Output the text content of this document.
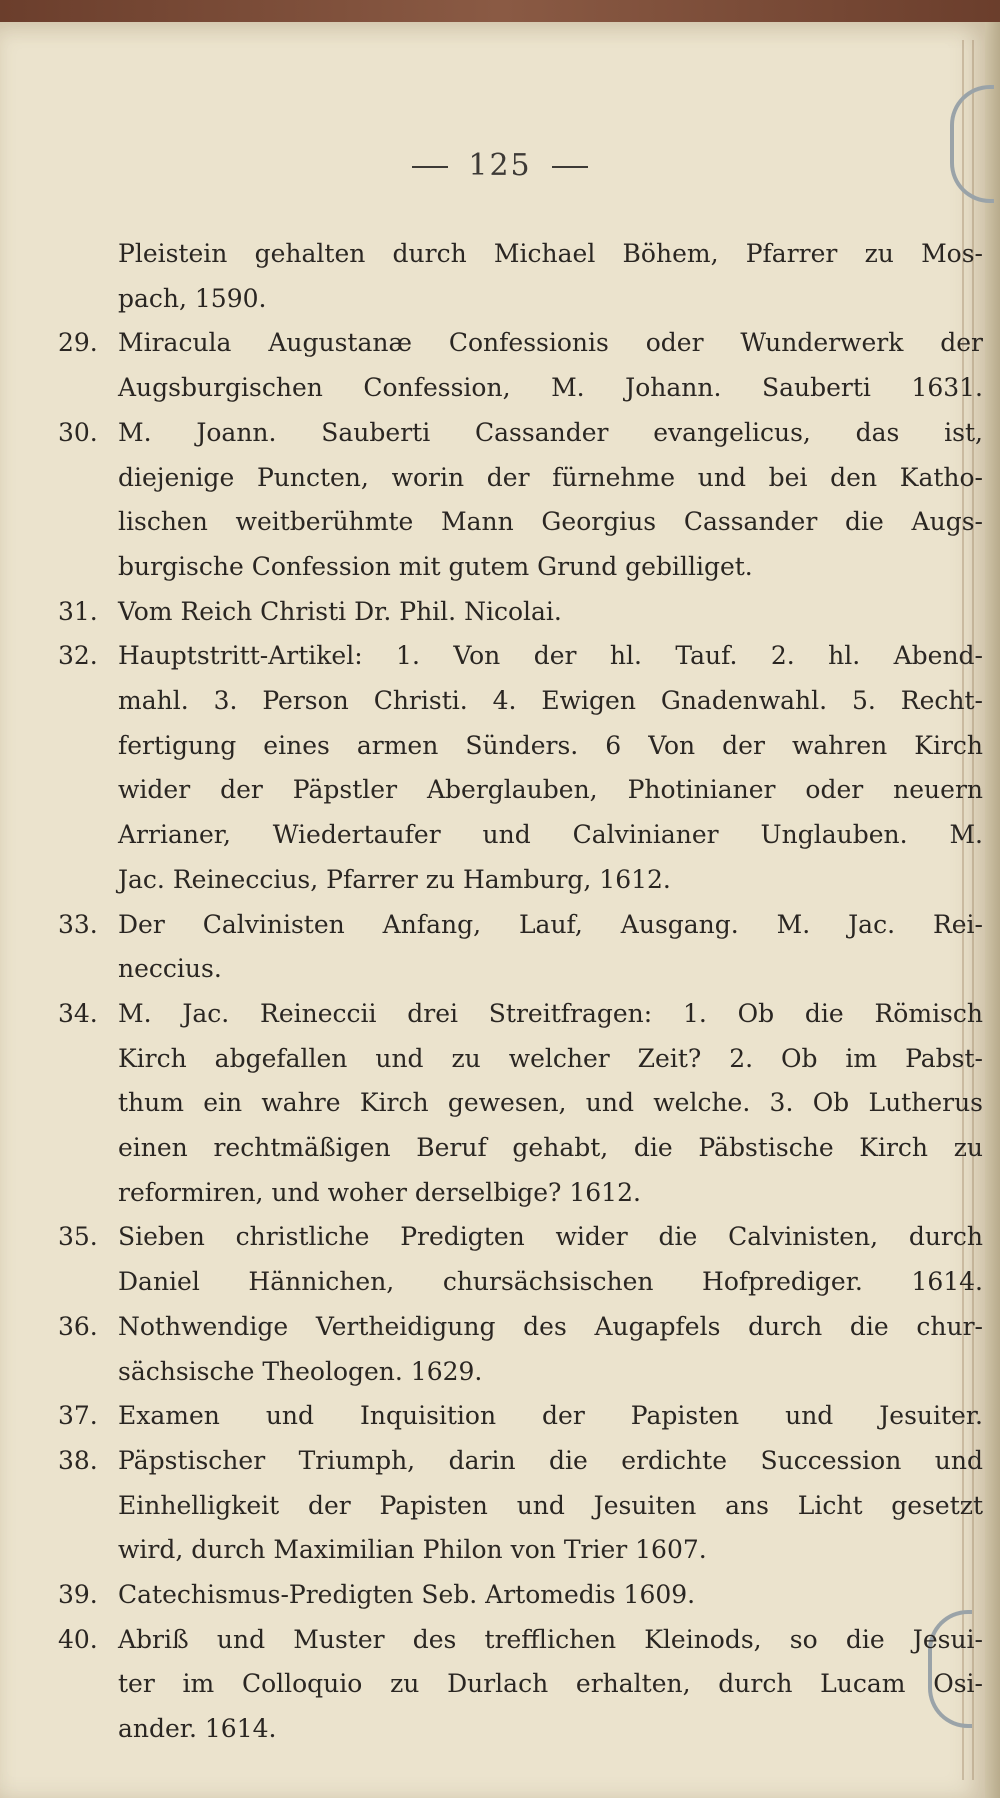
125
Pleistein gehalten durch Michael Böhem, Pfarrer zu Mos-
pach, 1590.
29. Miracula Augustanæ Confessionis oder Wunderwerk der
Augsburgischen Confession, M. Johann. Sauberti 1631.
30. M. Joann. Sauberti Cassander evangelicus, das ist,
diejenige Puncten, worin der fürnehme und bei den Katho-
lischen weitberühmte Mann Georgius Cassander die Augs-
burgische Confession mit gutem Grund gebilliget.
31. Vom Reich Christi Dr. Phil. Nicolai.
32. Hauptstritt-Artikel: 1. Von der hl. Tauf. 2. hl. Abend-
mahl. 3. Person Christi. 4. Ewigen Gnadenwahl. 5. Recht-
fertigung eines armen Sünders. 6 Von der wahren Kirch
wider der Päpstler Aberglauben, Photinianer oder neuern
Arrianer, Wiedertaufer und Calvinianer Unglauben. M.
Jac. Reineccius, Pfarrer zu Hamburg, 1612.
33. Der Calvinisten Anfang, Lauf, Ausgang. M. Jac. Rei-
neccius.
34. M. Jac. Reineccii drei Streitfragen: 1. Ob die Römisch
Kirch abgefallen und zu welcher Zeit? 2. Ob im Pabst-
thum ein wahre Kirch gewesen, und welche. 3. Ob Lutherus
einen rechtmäßigen Beruf gehabt, die Päbstische Kirch zu
reformiren, und woher derselbige? 1612.
35. Sieben christliche Predigten wider die Calvinisten, durch
Daniel Hännichen, chursächsischen Hofprediger. 1614.
36. Nothwendige Vertheidigung des Augapfels durch die chur-
sächsische Theologen. 1629.
37. Examen und Inquisition der Papisten und Jesuiter.
38. Päpstischer Triumph, darin die erdichte Succession und
Einhelligkeit der Papisten und Jesuiten ans Licht gesetzt
wird, durch Maximilian Philon von Trier 1607.
39. Catechismus-Predigten Seb. Artomedis 1609.
40. Abriß und Muster des trefflichen Kleinods, so die Jesui-
ter im Colloquio zu Durlach erhalten, durch Lucam Osi-
ander. 1614.
